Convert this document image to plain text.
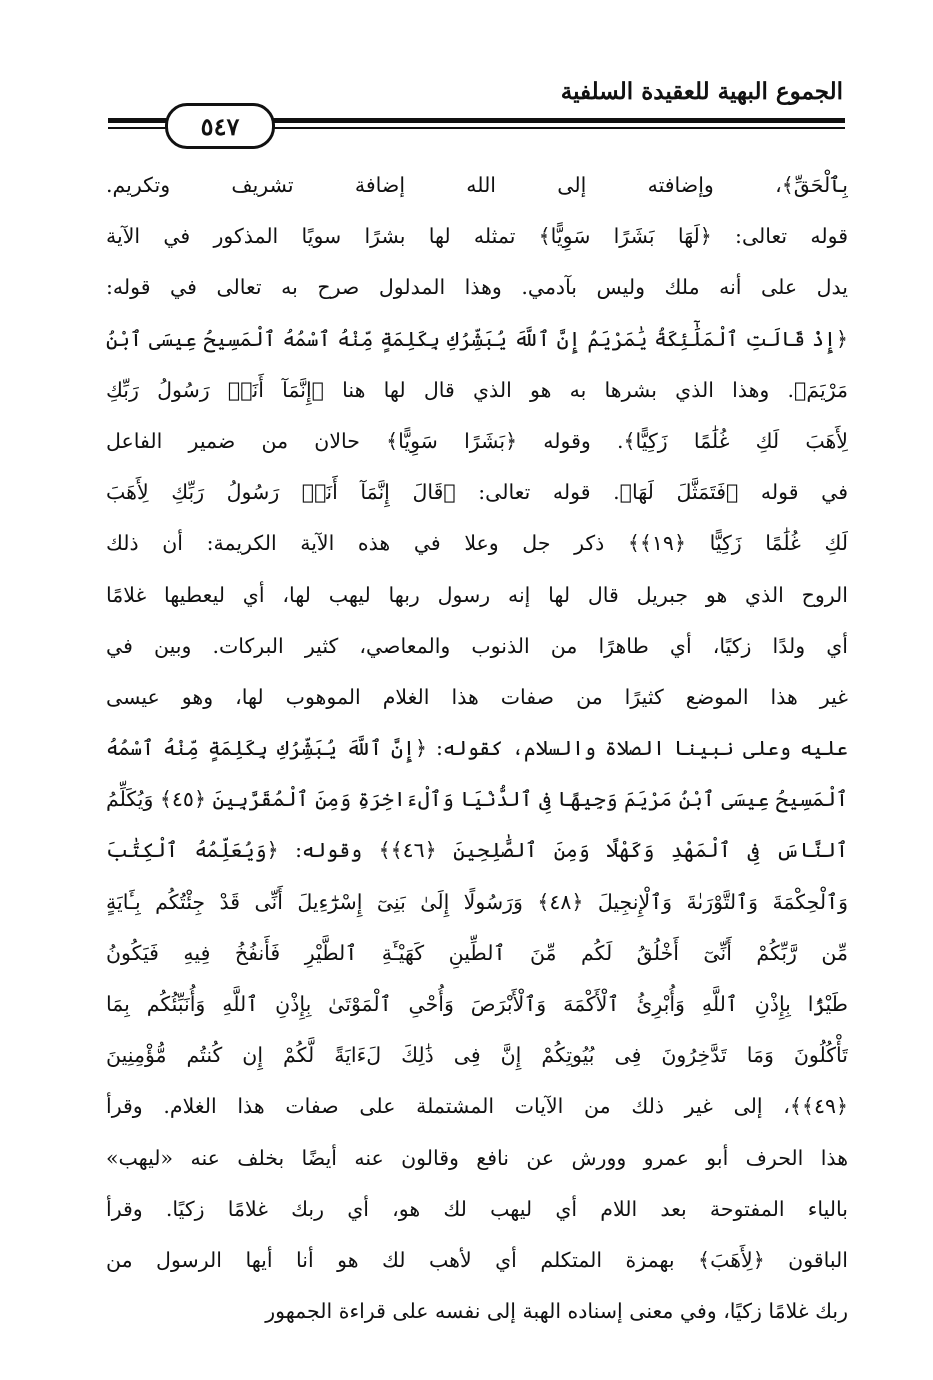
الجموع البهية للعقيدة السلفية
٥٤٧
بِٱلْحَقِّ﴾، وإضافته إلى الله إضافة تشريف وتكريم.
قوله تعالى: ﴿لَهَا بَشَرًا سَوِيًّا﴾ تمثله لها بشرًا سويًا المذكور في الآية
يدل على أنه ملك وليس بآدمي. وهذا المدلول صرح به تعالى في قوله:
﴿إِذْ قَالَتِ ٱلْمَلَٰٓئِكَةُ يَٰمَرْيَمُ إِنَّ ٱللَّهَ يُبَشِّرُكِ بِكَلِمَةٍ مِّنْهُ ٱسْمُهُ ٱلْمَسِيحُ عِيسَى ٱبْنُ
مَرْيَمَ﴾. وهذا الذي بشرها به هو الذي قال لها هنا ﴿إِنَّمَآ أَنَا۠ رَسُولُ رَبِّكِ
لِأَهَبَ لَكِ غُلَٰمًا زَكِيًّا﴾. وقوله ﴿بَشَرًا سَوِيًّا﴾ حالان من ضمير الفاعل
في قوله ﴿فَتَمَثَّلَ لَهَا﴾. قوله تعالى: ﴿قَالَ إِنَّمَآ أَنَا۠ رَسُولُ رَبِّكِ لِأَهَبَ
لَكِ غُلَٰمًا زَكِيًّا ﴿١٩﴾﴾ ذكر جل وعلا في هذه الآية الكريمة: أن ذلك
الروح الذي هو جبريل قال لها إنه رسول ربها ليهب لها، أي ليعطيها غلامًا
أي ولدًا زكيًا، أي طاهرًا من الذنوب والمعاصي، كثير البركات. وبين في
غير هذا الموضع كثيرًا من صفات هذا الغلام الموهوب لها، وهو عيسى
عليه وعلى نبينا الصلاة والسلام، كقوله: ﴿إِنَّ ٱللَّهَ يُبَشِّرُكِ بِكَلِمَةٍ مِّنْهُ ٱسْمُهُ
ٱلْمَسِيحُ عِيسَى ٱبْنُ مَرْيَمَ وَجِيهًا فِى ٱلدُّنْيَا وَٱلْءَاخِرَةِ وَمِنَ ٱلْمُقَرَّبِينَ ﴿٤٥﴾ وَيُكَلِّمُ
ٱلنَّاسَ فِى ٱلْمَهْدِ وَكَهْلًا وَمِنَ ٱلصَّٰلِحِينَ ﴿٤٦﴾﴾ وقوله: ﴿وَيُعَلِّمُهُ ٱلْكِتَٰبَ
وَٱلْحِكْمَةَ وَٱلتَّوْرَىٰةَ وَٱلْإِنجِيلَ ﴿٤٨﴾ وَرَسُولًا إِلَىٰ بَنِىٓ إِسْرَٰٓءِيلَ أَنِّى قَدْ جِئْتُكُم بِـَٔايَةٍ
مِّن رَّبِّكُمْ أَنِّىٓ أَخْلُقُ لَكُم مِّنَ ٱلطِّينِ كَهَيْـَٔةِ ٱلطَّيْرِ فَأَنفُخُ فِيهِ فَيَكُونُ
طَيْرًۢا بِإِذْنِ ٱللَّهِ وَأُبْرِئُ ٱلْأَكْمَهَ وَٱلْأَبْرَصَ وَأُحْىِ ٱلْمَوْتَىٰ بِإِذْنِ ٱللَّهِ وَأُنَبِّئُكُم بِمَا
تَأْكُلُونَ وَمَا تَدَّخِرُونَ فِى بُيُوتِكُمْ إِنَّ فِى ذَٰلِكَ لَءَايَةً لَّكُمْ إِن كُنتُم مُّؤْمِنِينَ
﴿٤٩﴾﴾، إلى غير ذلك من الآيات المشتملة على صفات هذا الغلام. وقرأ
هذا الحرف أبو عمرو وورش عن نافع وقالون عنه أيضًا بخلف عنه «ليهب»
بالياء المفتوحة بعد اللام أي ليهب لك هو، أي ربك غلامًا زكيًا. وقرأ
الباقون ﴿لِأَهَبَ﴾ بهمزة المتكلم أي لأهب لك هو أنا أيها الرسول من
ربك غلامًا زكيًا، وفي معنى إسناده الهبة إلى نفسه على قراءة الجمهور
